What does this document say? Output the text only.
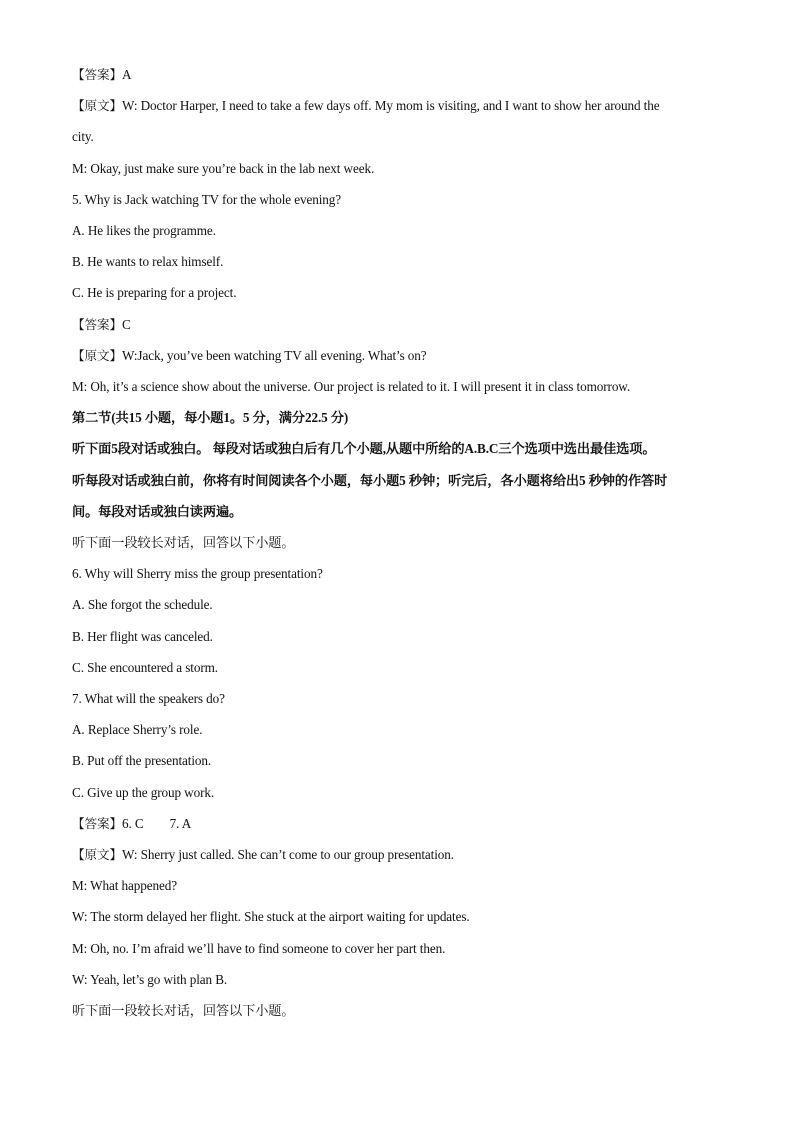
【答案】A
【原文】W: Doctor Harper, I need to take a few days off. My mom is visiting, and I want to show her around the
city.
M: Okay, just make sure you’re back in the lab next week.
5. Why is Jack watching TV for the whole evening?
A. He likes the programme.
B. He wants to relax himself.
C. He is preparing for a project.
【答案】C
【原文】W:Jack, you’ve been watching TV all evening. What’s on?
M: Oh, it’s a science show about the universe. Our project is related to it. I will present it in class tomorrow.
第二节(共15 小题，每小题1。5 分，满分22.5 分)
听下面5段对话或独白。 每段对话或独白后有几个小题,从题中所给的A.B.C三个选项中选出最佳选项。
听每段对话或独白前，你将有时间阅读各个小题，每小题5 秒钟；听完后，各小题将给出5 秒钟的作答时
间。每段对话或独白读两遍。
听下面一段较长对话，回答以下小题。
6. Why will Sherry miss the group presentation?
A. She forgot the schedule.
B. Her flight was canceled.
C. She encountered a storm.
7. What will the speakers do?
A. Replace Sherry’s role.
B. Put off the presentation.
C. Give up the group work.
【答案】6. C 7. A
【原文】W: Sherry just called. She can’t come to our group presentation.
M: What happened?
W: The storm delayed her flight. She stuck at the airport waiting for updates.
M: Oh, no. I’m afraid we’ll have to find someone to cover her part then.
W: Yeah, let’s go with plan B.
听下面一段较长对话，回答以下小题。
